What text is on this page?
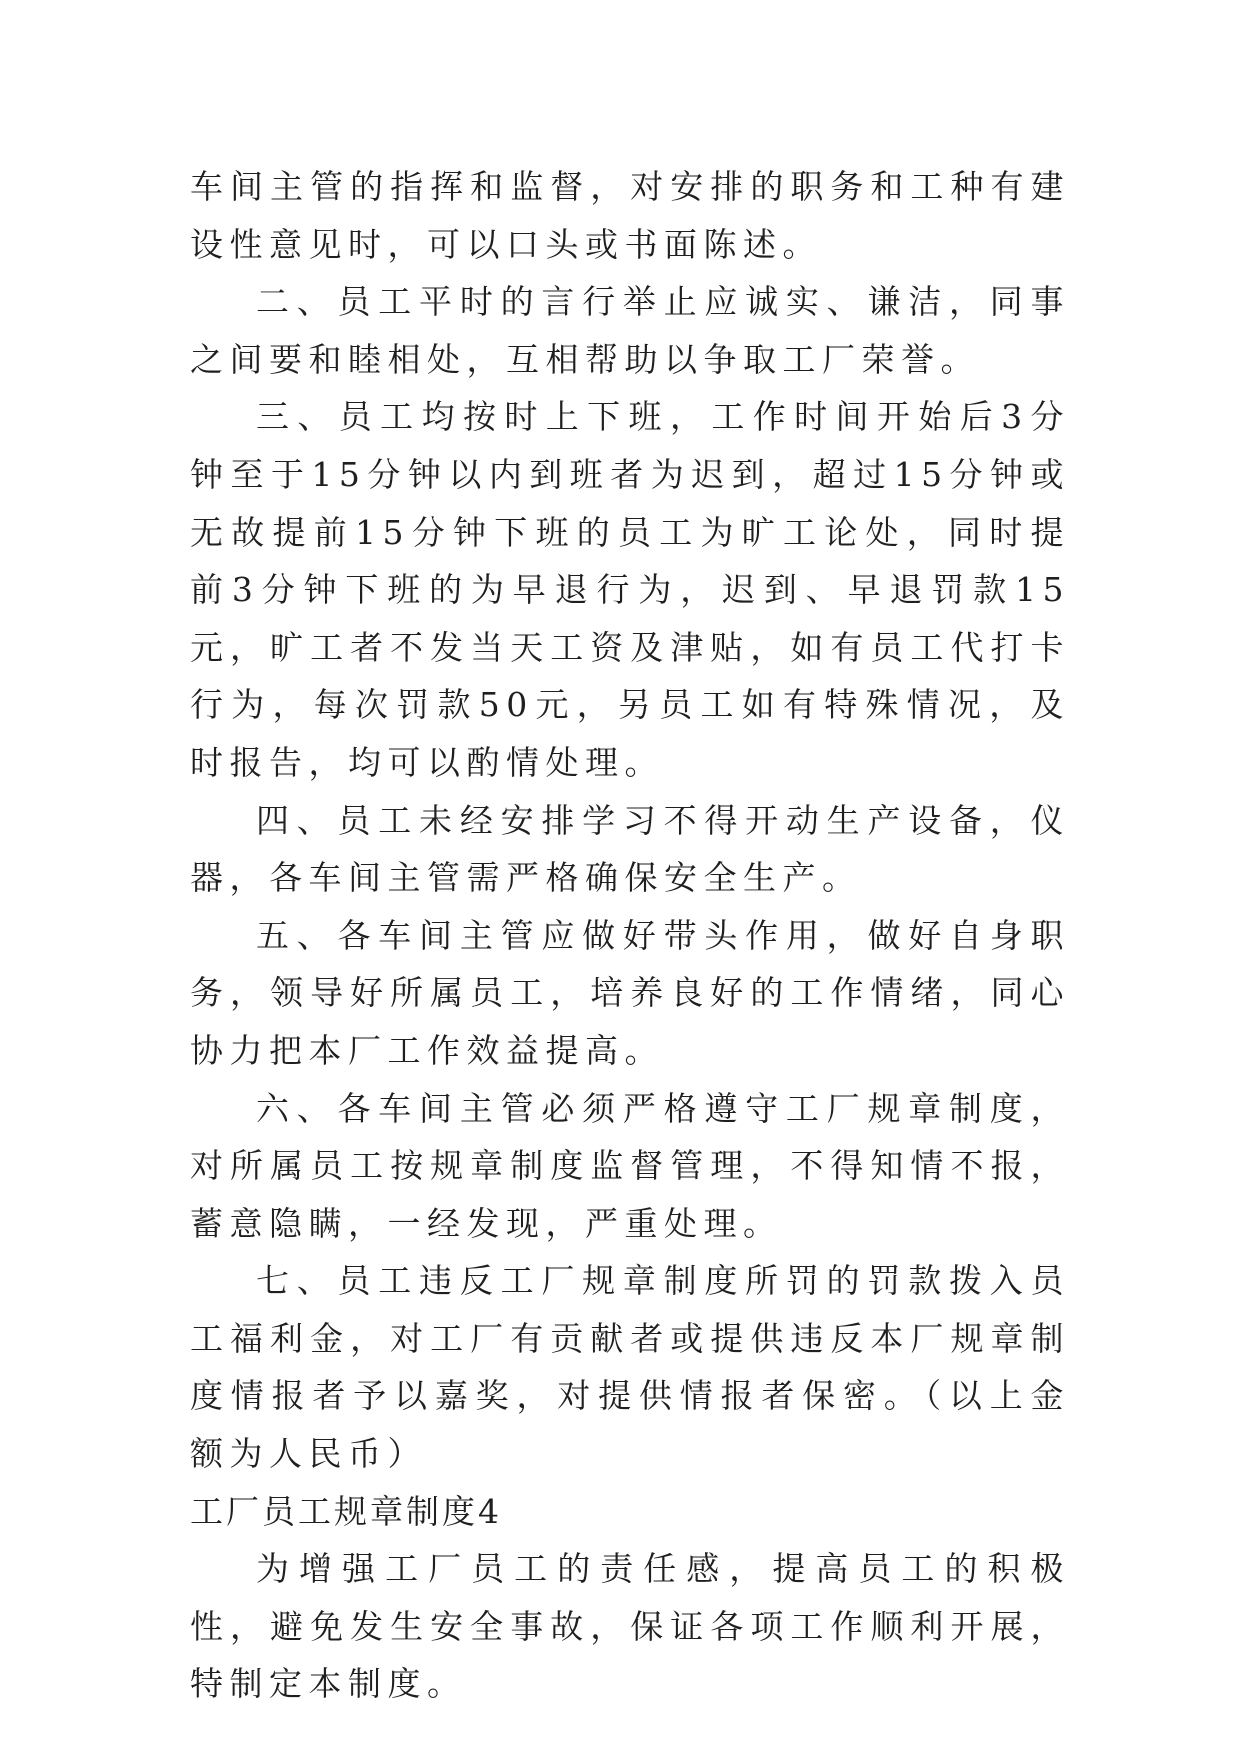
车间主管的指挥和监督，对安排的职务和工种有建设性意见时，可以口头或书面陈述。

二、员工平时的言行举止应诚实、谦洁，同事之间要和睦相处，互相帮助以争取工厂荣誉。

三、员工均按时上下班，工作时间开始后3分钟至于15分钟以内到班者为迟到，超过15分钟或无故提前15分钟下班的员工为旷工论处，同时提前3分钟下班的为早退行为，迟到、早退罚款15元，旷工者不发当天工资及津贴，如有员工代打卡行为，每次罚款50元，另员工如有特殊情况，及时报告，均可以酌情处理。

四、员工未经安排学习不得开动生产设备，仪器，各车间主管需严格确保安全生产。

五、各车间主管应做好带头作用，做好自身职务，领导好所属员工，培养良好的工作情绪，同心协力把本厂工作效益提高。

六、各车间主管必须严格遵守工厂规章制度，对所属员工按规章制度监督管理，不得知情不报，蓄意隐瞒，一经发现，严重处理。

七、员工违反工厂规章制度所罚的罚款拨入员工福利金，对工厂有贡献者或提供违反本厂规章制度情报者予以嘉奖，对提供情报者保密。（以上金额为人民币）

工厂员工规章制度4

为增强工厂员工的责任感，提高员工的积极性，避免发生安全事故，保证各项工作顺利开展，特制定本制度。
